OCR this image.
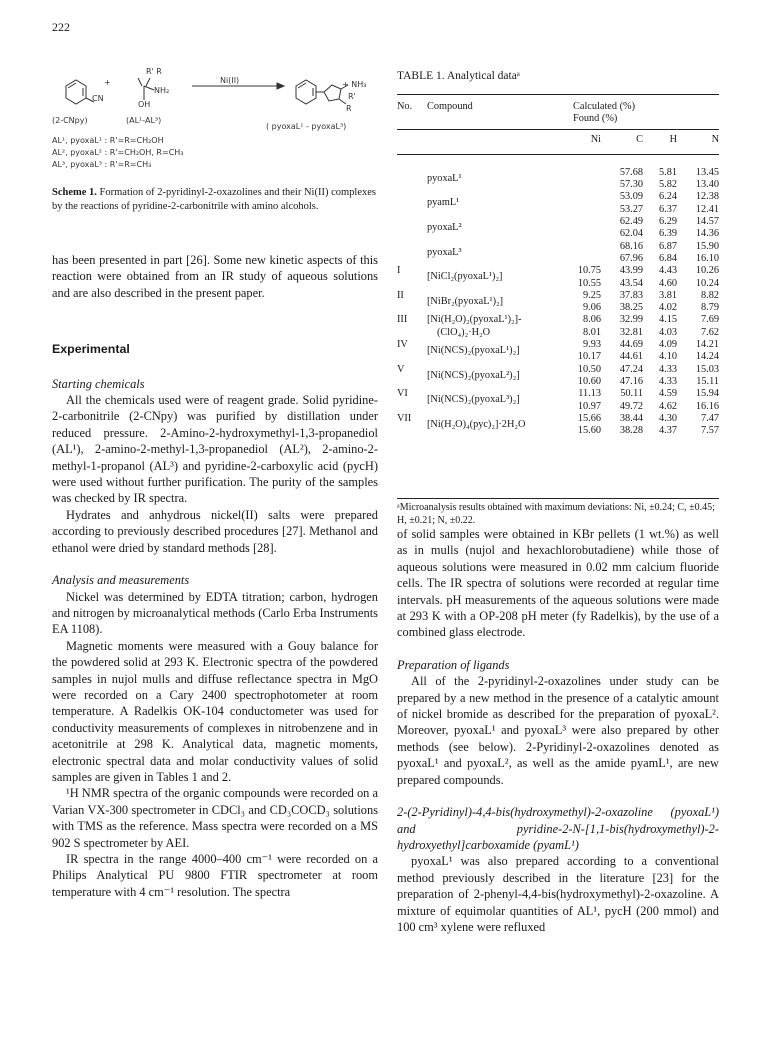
222
R' R
CN
+
NH₂
OH
Ni(II)	+ NH₃
R'
R
(2-CNpy)	(AL¹-AL³)
( pyoxaL¹ - pyoxaL³)
AL¹, pyoxaL¹ : R'=R=CH₂OH
AL², pyoxaL² : R'=CH₂OH, R=CH₃
AL³, pyoxaL³ : R'=R=CH₃
Scheme 1. Formation of 2-pyridinyl-2-oxazolines and their Ni(II) complexes by the reactions of pyridine-2-carbonitrile with amino alcohols.

has been presented in part [26]. Some new kinetic aspects of this reaction were obtained from an IR study of aqueous solutions and are also described in the present paper.

Experimental

Starting chemicals

All the chemicals used were of reagent grade. Solid pyridine-2-carbonitrile (2-CNpy) was purified by distillation under reduced pressure. 2-Amino-2-hydroxymethyl-1,3-propanediol (AL¹), 2-amino-2-methyl-1,3-propanediol (AL²), 2-amino-2-methyl-1-propanol (AL³) and pyridine-2-carboxylic acid (pycH) were used without further purification. The purity of the samples was checked by IR spectra.

Hydrates and anhydrous nickel(II) salts were prepared according to previously described procedures [27]. Methanol and ethanol were dried by standard methods [28].

Analysis and measurements

Nickel was determined by EDTA titration; carbon, hydrogen and nitrogen by microanalytical methods (Carlo Erba Instruments EA 1108).

Magnetic moments were measured with a Gouy balance for the powdered solid at 293 K. Electronic spectra of the powdered samples in nujol mulls and diffuse reflectance spectra in MgO were recorded on a Cary 2400 spectrophotometer at room temperature. A Radelkis OK-104 conductometer was used for conductivity measurements of complexes in nitrobenzene and in acetonitrile at 298 K. Analytical data, magnetic moments, electronic spectral data and molar conductivity values of solid samples are given in Tables 1 and 2.

¹H NMR spectra of the organic compounds were recorded on a Varian VX-300 spectrometer in CDCl₃ and CD₃COCD₃ solutions with TMS as the reference. Mass spectra were recorded on a MS 902 S spectrometer by AEI.

IR spectra in the range 4000–400 cm⁻¹ were recorded on a Philips Analytical PU 9800 FTIR spectrometer at room temperature with 4 cm⁻¹ resolution. The spectra

TABLE 1. Analytical dataᵃ
No.	Compound	Calculated (%)			
		Found (%)			
		Ni	C	H	N

	pyoxaL¹		57.68	5.81	13.45
			57.30	5.82	13.40
	pyamL¹		53.09	6.24	12.38
			53.27	6.37	12.41
	pyoxaL²		62.49	6.29	14.57
			62.04	6.39	14.36
	pyoxaL³		68.16	6.87	15.90
			67.96	6.84	16.10
I	[NiCl₂(pyoxaL¹)₂]	10.75	43.99	4.43	10.26
		10.55	43.54	4.60	10.24
II	[NiBr₂(pyoxaL¹)₂]	9.25	37.83	3.81	8.82
		9.06	38.25	4.02	8.79
III	[Ni(H₂O)₂(pyoxaL¹)₂]-	8.06	32.99	4.15	7.69
	(ClO₄)₂·H₂O	8.01	32.81	4.03	7.62
IV	[Ni(NCS)₂(pyoxaL¹)₂]	9.93	44.69	4.09	14.21
		10.17	44.61	4.10	14.24
V	[Ni(NCS)₂(pyoxaL²)₂]	10.50	47.24	4.33	15.03
		10.60	47.16	4.33	15.11
VI	[Ni(NCS)₂(pyoxaL³)₂]	11.13	50.11	4.59	15.94
		10.97	49.72	4.62	16.16
VII	[Ni(H₂O)₄(pyc)₂]·2H₂O	15.66	38.44	4.30	7.47
		15.60	38.28	4.37	7.57
ᵃMicroanalysis results obtained with maximum deviations: Ni, ±0.24; C, ±0.45; H, ±0.21; N, ±0.22.

of solid samples were obtained in KBr pellets (1 wt.%) as well as in mulls (nujol and hexachlorobutadiene) while those of aqueous solutions were measured in 0.02 mm calcium fluoride cells. The IR spectra of solutions were recorded at regular time intervals. pH measurements of the aqueous solutions were made at 293 K with a OP-208 pH meter (fy Radelkis), by the use of a combined glass electrode.

Preparation of ligands

All of the 2-pyridinyl-2-oxazolines under study can be prepared by a new method in the presence of a catalytic amount of nickel bromide as described for the preparation of pyoxaL². Moreover, pyoxaL¹ and pyoxaL³ were also prepared by other methods (see below). 2-Pyridinyl-2-oxazolines denoted as pyoxaL¹ and pyoxaL², as well as the amide pyamL¹, are new prepared compounds.

2-(2-Pyridinyl)-4,4-bis(hydroxymethyl)-2-oxazoline (pyoxaL¹) and pyridine-2-N-[1,1-bis(hydroxymethyl)-2-hydroxyethyl]carboxamide (pyamL¹)

pyoxaL¹ was also prepared according to a conventional method previously described in the literature [23] for the preparation of 2-phenyl-4,4-bis(hydroxymethyl)-2-oxazoline. A mixture of equimolar quantities of AL¹, pycH (200 mmol) and 100 cm³ xylene were refluxed
